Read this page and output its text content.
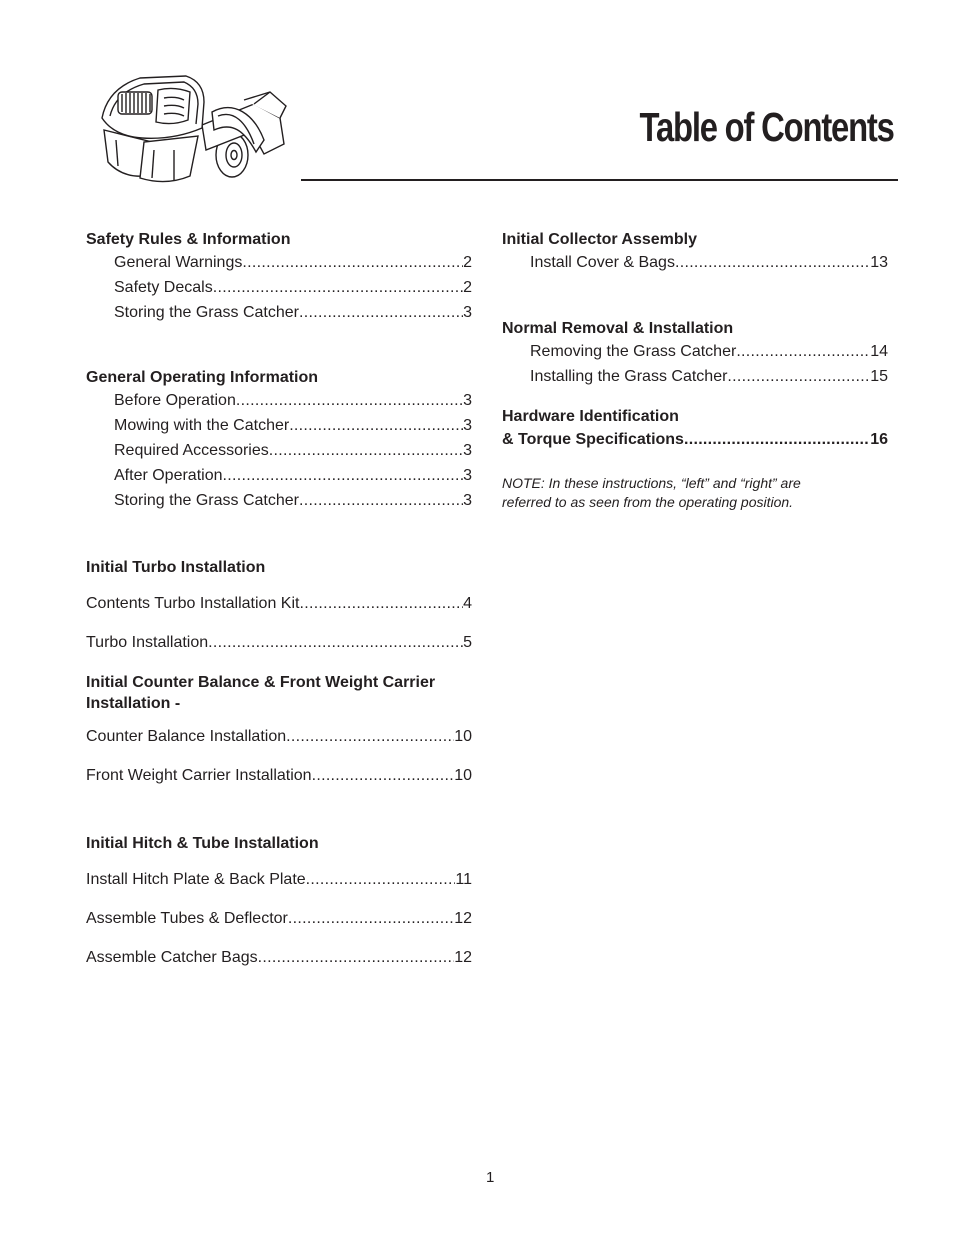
Table of Contents

Safety Rules & Information

General Warnings .....	2
Safety Decals .....	2
Storing the Grass Catcher .....	3

General Operating Information

Before Operation .....	3
Mowing with the Catcher .....	3
Required Accessories .....	3
After Operation .....	3
Storing the Grass Catcher .....	3

Initial Turbo Installation

Contents Turbo Installation Kit .....	4
Turbo Installation .....	5

Initial Counter Balance & Front Weight Carrier

Installation -

Counter Balance Installation .....	10
Front Weight Carrier Installation .....	10

Initial Hitch & Tube Installation

Install Hitch Plate & Back Plate .....	11
Assemble Tubes & Deflector .....	12
Assemble Catcher Bags .....	12

Initial Collector Assembly

Install Cover & Bags .....	13

Normal Removal & Installation

Removing the Grass Catcher .....	14
Installing the Grass Catcher .....	15

Hardware Identification

& Torque Specifications .....	16
NOTE: In these instructions, “left” and “right” are
referred to as seen from the operating position.
1
